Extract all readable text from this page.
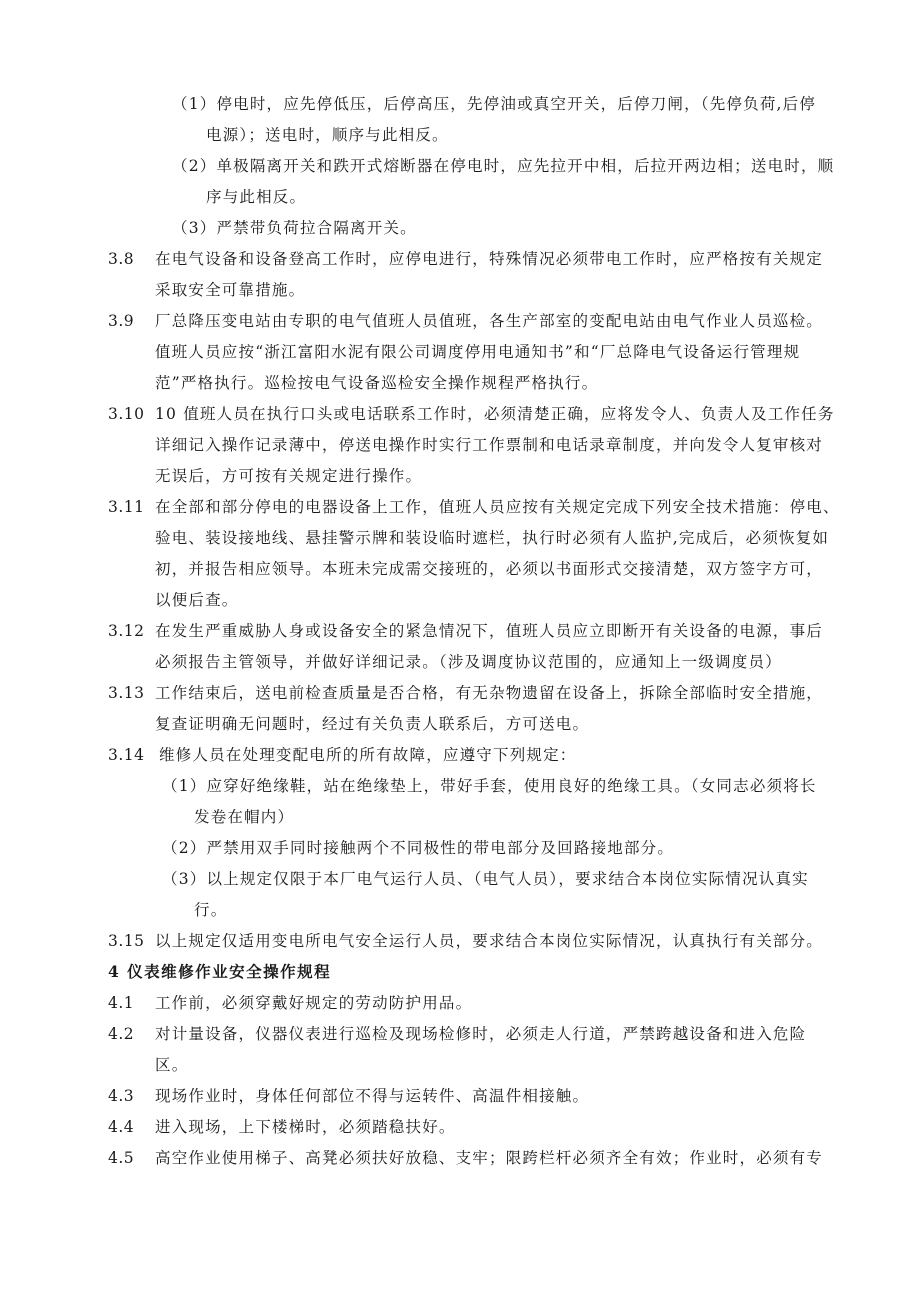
（1）停电时，应先停低压，后停高压，先停油或真空开关，后停刀闸，（先停负荷,后停
电源）；送电时，顺序与此相反。
（2）单极隔离开关和跌开式熔断器在停电时，应先拉开中相，后拉开两边相；送电时，顺
序与此相反。
（3）严禁带负荷拉合隔离开关。
3.8 在电气设备和设备登高工作时，应停电进行，特殊情况必须带电工作时，应严格按有关规定
采取安全可靠措施。
3.9 厂总降压变电站由专职的电气值班人员值班，各生产部室的变配电站由电气作业人员巡检。
值班人员应按“浙江富阳水泥有限公司调度停用电通知书”和“厂总降电气设备运行管理规
范”严格执行。巡检按电气设备巡检安全操作规程严格执行。
3.10 10 值班人员在执行口头或电话联系工作时，必须清楚正确，应将发令人、负责人及工作任务
详细记入操作记录薄中，停送电操作时实行工作票制和电话录章制度，并向发令人复审核对
无误后，方可按有关规定进行操作。
3.11 在全部和部分停电的电器设备上工作，值班人员应按有关规定完成下列安全技术措施：停电、
验电、装设接地线、悬挂警示牌和装设临时遮栏，执行时必须有人监护,完成后，必须恢复如
初，并报告相应领导。本班未完成需交接班的，必须以书面形式交接清楚，双方签字方可，
以便后查。
3.12 在发生严重威胁人身或设备安全的紧急情况下，值班人员应立即断开有关设备的电源，事后
必须报告主管领导，并做好详细记录。（涉及调度协议范围的，应通知上一级调度员）
3.13 工作结束后，送电前检查质量是否合格，有无杂物遗留在设备上，拆除全部临时安全措施，
复查证明确无问题时，经过有关负责人联系后，方可送电。
3.14 维修人员在处理变配电所的所有故障，应遵守下列规定：
（1）应穿好绝缘鞋，站在绝缘垫上，带好手套，使用良好的绝缘工具。（女同志必须将长
发卷在帽内）
（2）严禁用双手同时接触两个不同极性的带电部分及回路接地部分。
（3）以上规定仅限于本厂电气运行人员、（电气人员），要求结合本岗位实际情况认真实
行。
3.15 以上规定仅适用变电所电气安全运行人员，要求结合本岗位实际情况，认真执行有关部分。
4 仪表维修作业安全操作规程
4.1 工作前，必须穿戴好规定的劳动防护用品。
4.2 对计量设备，仪器仪表进行巡检及现场检修时，必须走人行道，严禁跨越设备和进入危险
区。
4.3 现场作业时，身体任何部位不得与运转件、高温件相接触。
4.4 进入现场，上下楼梯时，必须踏稳扶好。
4.5 高空作业使用梯子、高凳必须扶好放稳、支牢；限跨栏杆必须齐全有效；作业时，必须有专
